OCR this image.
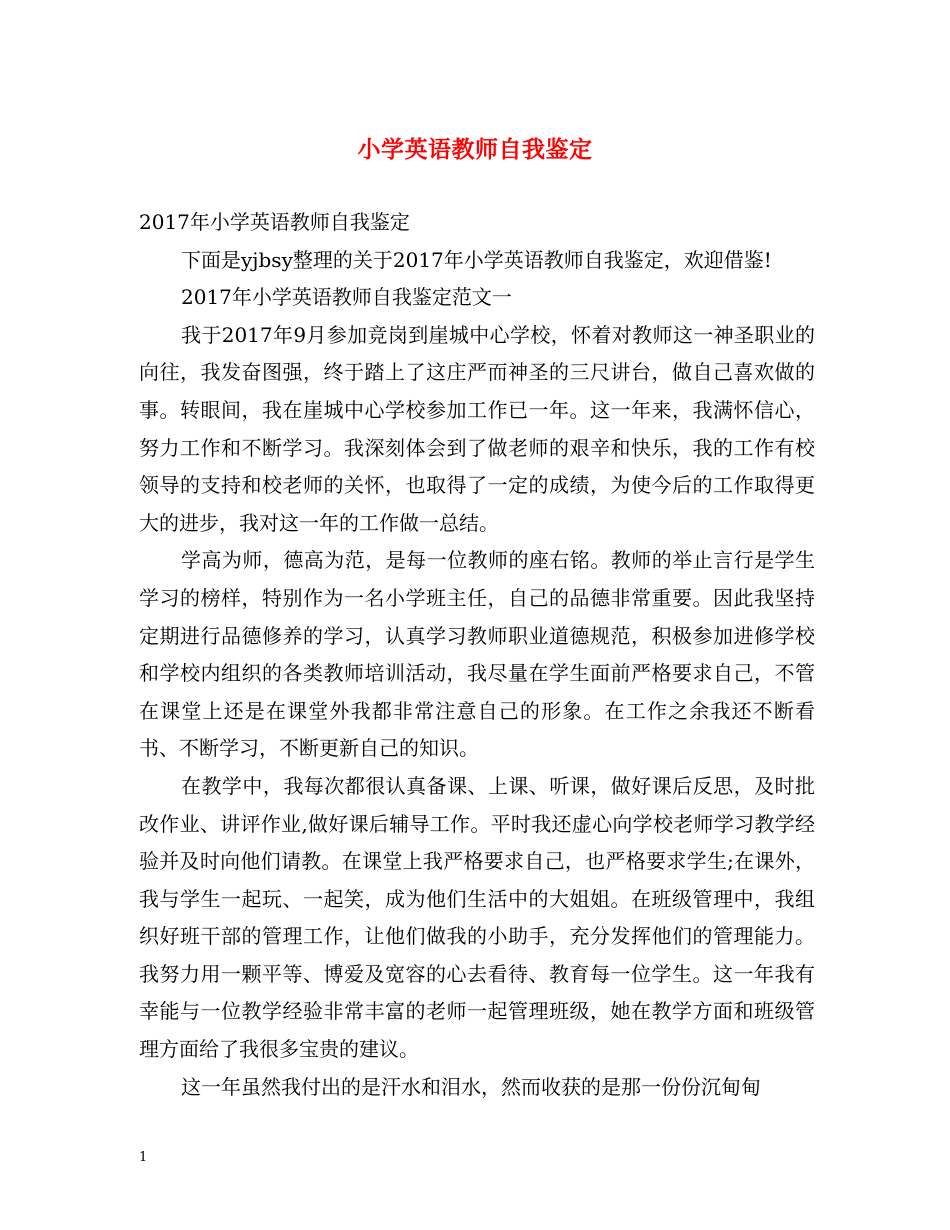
小学英语教师自我鉴定

2017年小学英语教师自我鉴定

下面是yjbsy整理的关于2017年小学英语教师自我鉴定，欢迎借鉴!

2017年小学英语教师自我鉴定范文一

我于2017年9月参加竞岗到崖城中心学校，怀着对教师这一神圣职业的向往，我发奋图强，终于踏上了这庄严而神圣的三尺讲台，做自己喜欢做的事。转眼间，我在崖城中心学校参加工作已一年。这一年来，我满怀信心，努力工作和不断学习。我深刻体会到了做老师的艰辛和快乐，我的工作有校领导的支持和校老师的关怀，也取得了一定的成绩，为使今后的工作取得更大的进步，我对这一年的工作做一总结。

学高为师，德高为范，是每一位教师的座右铭。教师的举止言行是学生学习的榜样，特别作为一名小学班主任，自己的品德非常重要。因此我坚持定期进行品德修养的学习，认真学习教师职业道德规范，积极参加进修学校和学校内组织的各类教师培训活动，我尽量在学生面前严格要求自己，不管在课堂上还是在课堂外我都非常注意自己的形象。在工作之余我还不断看书、不断学习，不断更新自己的知识。

在教学中，我每次都很认真备课、上课、听课，做好课后反思，及时批改作业、讲评作业,做好课后辅导工作。平时我还虚心向学校老师学习教学经验并及时向他们请教。在课堂上我严格要求自己，也严格要求学生;在课外，我与学生一起玩、一起笑，成为他们生活中的大姐姐。在班级管理中，我组织好班干部的管理工作，让他们做我的小助手，充分发挥他们的管理能力。我努力用一颗平等、博爱及宽容的心去看待、教育每一位学生。这一年我有幸能与一位教学经验非常丰富的老师一起管理班级，她在教学方面和班级管理方面给了我很多宝贵的建议。

这一年虽然我付出的是汗水和泪水，然而收获的是那一份份沉甸甸

1
